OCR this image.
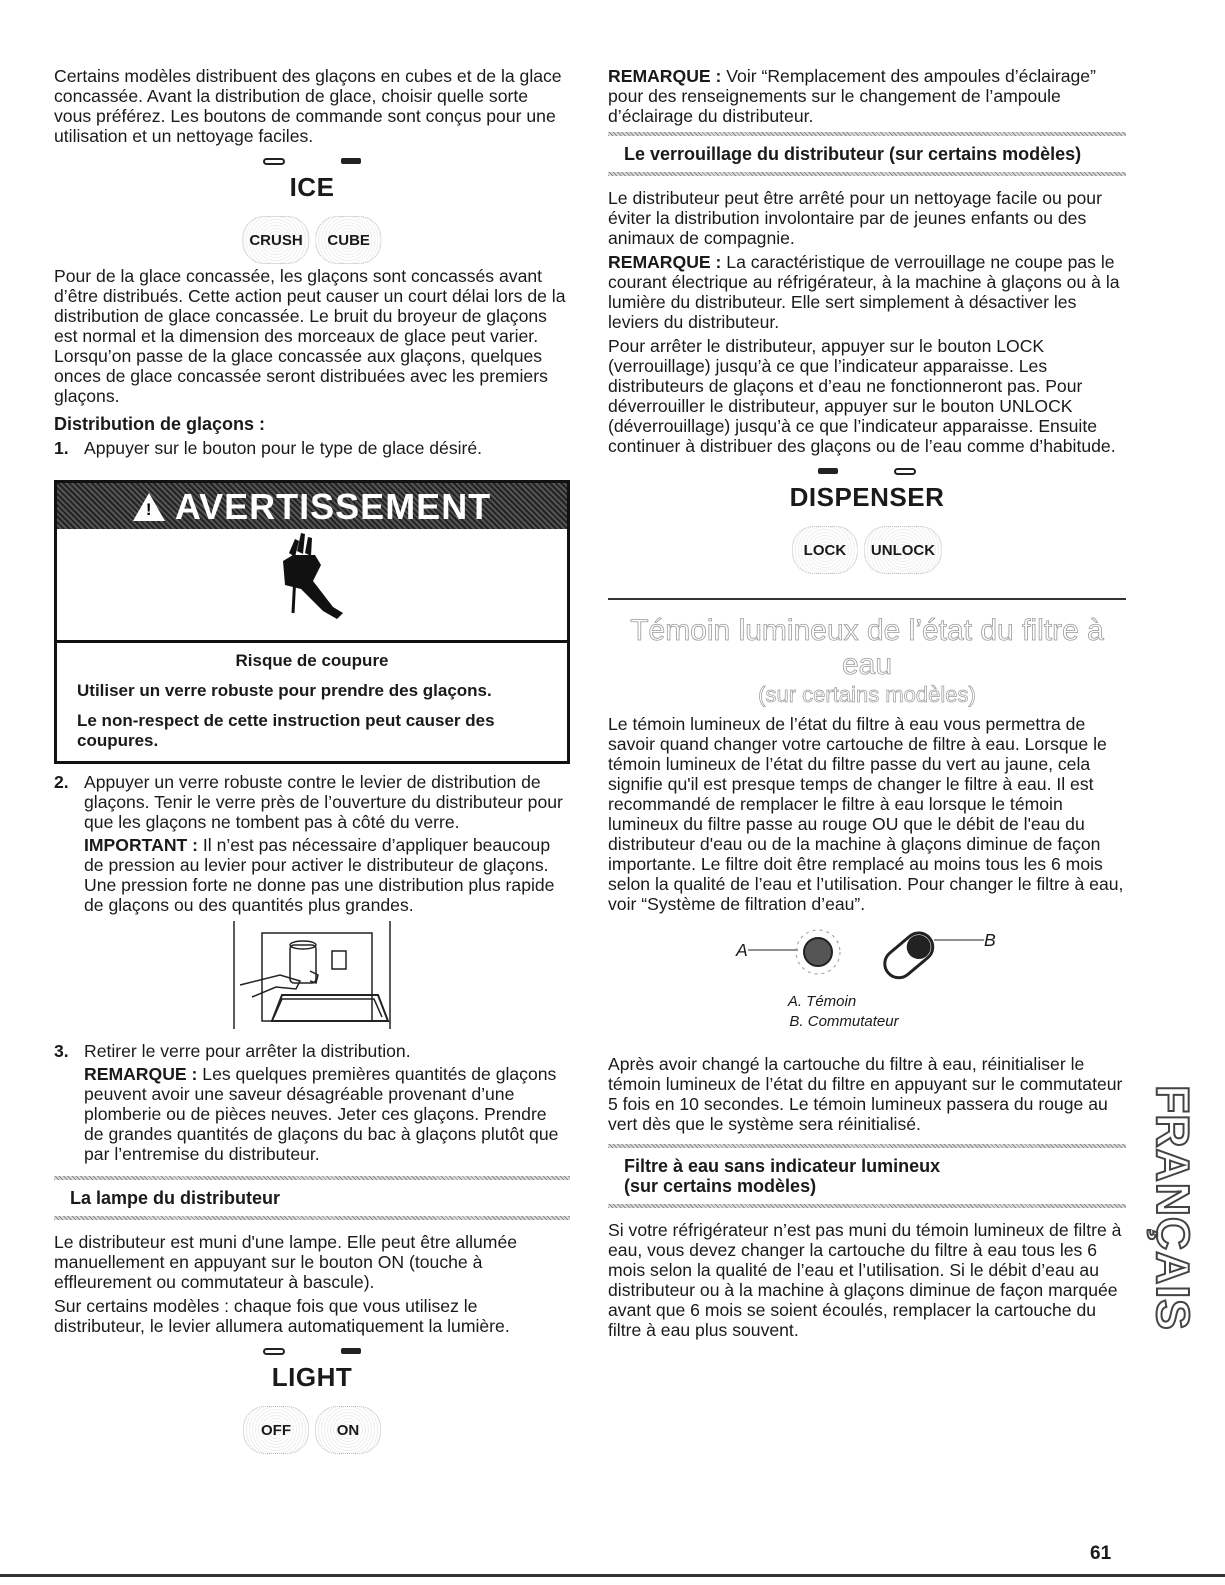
Certains modèles distribuent des glaçons en cubes et de la glace concassée. Avant la distribution de glace, choisir quelle sorte vous préférez. Les boutons de commande sont conçus pour une utilisation et un nettoyage faciles.

ICE
CRUSH	CUBE

Pour de la glace concassée, les glaçons sont concassés avant d’être distribués. Cette action peut causer un court délai lors de la distribution de glace concassée. Le bruit du broyeur de glaçons est normal et la dimension des morceaux de glace peut varier. Lorsqu’on passe de la glace concassée aux glaçons, quelques onces de glace concassée seront distribuées avec les premiers glaçons.

Distribution de glaçons :
1. Appuyer sur le bouton pour le type de glace désiré.
! AVERTISSEMENT

Risque de coupure

Utiliser un verre robuste pour prendre des glaçons.

Le non-respect de cette instruction peut causer des coupures.

2. Appuyer un verre robuste contre le levier de distribution de glaçons. Tenir le verre près de l’ouverture du distributeur pour que les glaçons ne tombent pas à côté du verre.

IMPORTANT : Il n’est pas nécessaire d’appliquer beaucoup de pression au levier pour activer le distributeur de glaçons. Une pression forte ne donne pas une distribution plus rapide de glaçons ou des quantités plus grandes.

3. Retirer le verre pour arrêter la distribution.

REMARQUE : Les quelques premières quantités de glaçons peuvent avoir une saveur désagréable provenant d’une plomberie ou de pièces neuves. Jeter ces glaçons. Prendre de grandes quantités de glaçons du bac à glaçons plutôt que par l’entremise du distributeur.

La lampe du distributeur

Le distributeur est muni d'une lampe. Elle peut être allumée manuellement en appuyant sur le bouton ON (touche à effleurement ou commutateur à bascule).

Sur certains modèles : chaque fois que vous utilisez le distributeur, le levier allumera automatiquement la lumière.

LIGHT
OFF	ON

REMARQUE : Voir “Remplacement des ampoules d’éclairage” pour des renseignements sur le changement de l’ampoule d’éclairage du distributeur.

Le verrouillage du distributeur (sur certains modèles)

Le distributeur peut être arrêté pour un nettoyage facile ou pour éviter la distribution involontaire par de jeunes enfants ou des animaux de compagnie.

REMARQUE : La caractéristique de verrouillage ne coupe pas le courant électrique au réfrigérateur, à la machine à glaçons ou à la lumière du distributeur. Elle sert simplement à désactiver les leviers du distributeur.

Pour arrêter le distributeur, appuyer sur le bouton LOCK (verrouillage) jusqu’à ce que l’indicateur apparaisse. Les distributeurs de glaçons et d’eau ne fonctionneront pas. Pour déverrouiller le distributeur, appuyer sur le bouton UNLOCK (déverrouillage) jusqu’à ce que l’indicateur apparaisse. Ensuite continuer à distribuer des glaçons ou de l’eau comme d’habitude.

DISPENSER
LOCK	UNLOCK
Témoin lumineux de l’état du filtre à eau
(sur certains modèles)

Le témoin lumineux de l’état du filtre à eau vous permettra de savoir quand changer votre cartouche de filtre à eau. Lorsque le témoin lumineux de l’état du filtre passe du vert au jaune, cela signifie qu'il est presque temps de changer le filtre à eau. Il est recommandé de remplacer le filtre à eau lorsque le témoin lumineux du filtre passe au rouge OU que le débit de l'eau du distributeur d'eau ou de la machine à glaçons diminue de façon importante. Le filtre doit être remplacé au moins tous les 6 mois selon la qualité de l’eau et l’utilisation. Pour changer le filtre à eau, voir “Système de filtration d’eau”.

A	B
A. Témoin
B. Commutateur

Après avoir changé la cartouche du filtre à eau, réinitialiser le témoin lumineux de l’état du filtre en appuyant sur le commutateur 5 fois en 10 secondes. Le témoin lumineux passera du rouge au vert dès que le système sera réinitialisé.

Filtre à eau sans indicateur lumineux
(sur certains modèles)

Si votre réfrigérateur n’est pas muni du témoin lumineux de filtre à eau, vous devez changer la cartouche du filtre à eau tous les 6 mois selon la qualité de l’eau et l’utilisation. Si le débit d’eau au distributeur ou à la machine à glaçons diminue de façon marquée avant que 6 mois se soient écoulés, remplacer la cartouche du filtre à eau plus souvent.	FRANÇAIS
61
